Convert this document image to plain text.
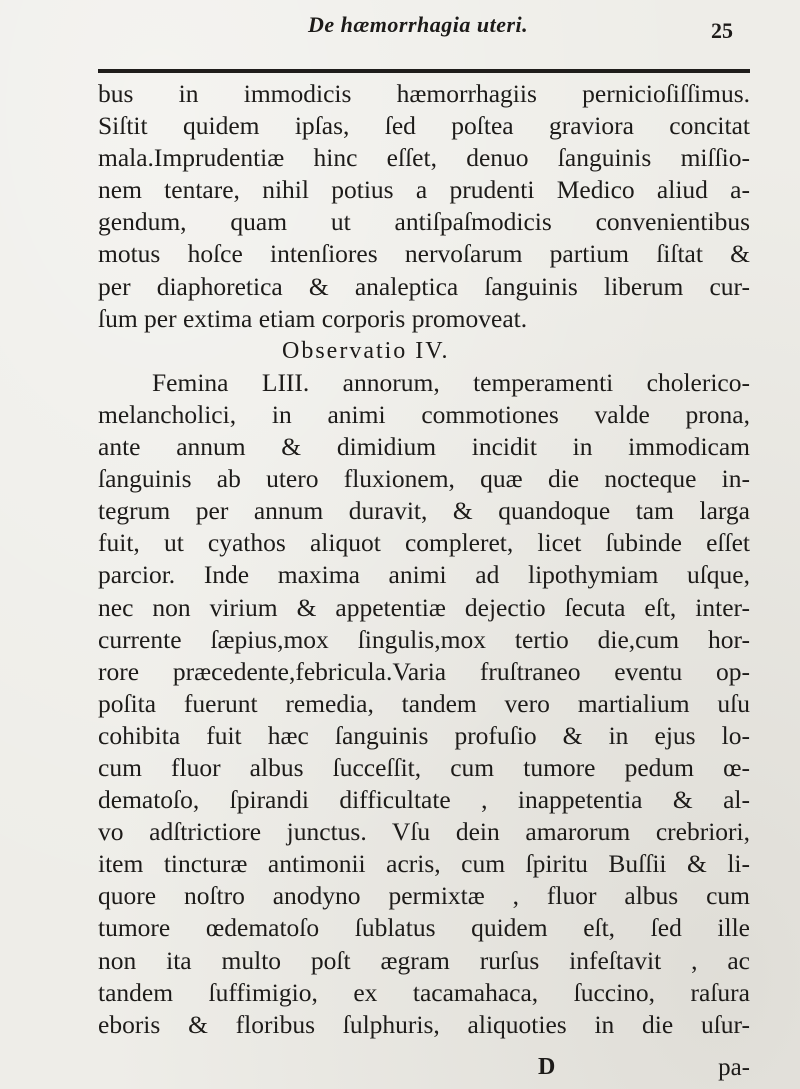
De hæmorrhagia uteri.	25
bus in immodicis hæmorrhagiis pernicioſiſſimus.
Siſtit quidem ipſas, ſed poſtea graviora concitat
mala.Imprudentiæ hinc eſſet, denuo ſanguinis miſſio-
nem tentare, nihil potius a prudenti Medico aliud a-
gendum, quam ut antiſpaſmodicis convenientibus
motus hoſce intenſiores nervoſarum partium ſiſtat &
per diaphoretica & analeptica ſanguinis liberum cur-
ſum per extima etiam corporis promoveat.
Observatio IV.
Femina LIII. annorum, temperamenti cholerico-
melancholici, in animi commotiones valde prona,
ante annum & dimidium incidit in immodicam
ſanguinis ab utero fluxionem, quæ die nocteque in-
tegrum per annum duravit, & quandoque tam larga
fuit, ut cyathos aliquot compleret, licet ſubinde eſſet
parcior. Inde maxima animi ad lipothymiam uſque,
nec non virium & appetentiæ dejectio ſecuta eſt, inter-
currente ſæpius,mox ſingulis,mox tertio die,cum hor-
rore præcedente,febricula.Varia fruſtraneo eventu op-
poſita fuerunt remedia, tandem vero martialium uſu
cohibita fuit hæc ſanguinis profuſio & in ejus lo-
cum fluor albus ſucceſſit, cum tumore pedum œ-
dematoſo, ſpirandi difficultate , inappetentia & al-
vo adſtrictiore junctus. Vſu dein amarorum crebriori,
item tincturæ antimonii acris, cum ſpiritu Buſſii & li-
quore noſtro anodyno permixtæ , fluor albus cum
tumore œdematoſo ſublatus quidem eſt, ſed ille
non ita multo poſt ægram rurſus infeſtavit , ac
tandem ſuffimigio, ex tacamahaca, ſuccino, raſura
eboris & floribus ſulphuris, aliquoties in die uſur-
D	pa-
